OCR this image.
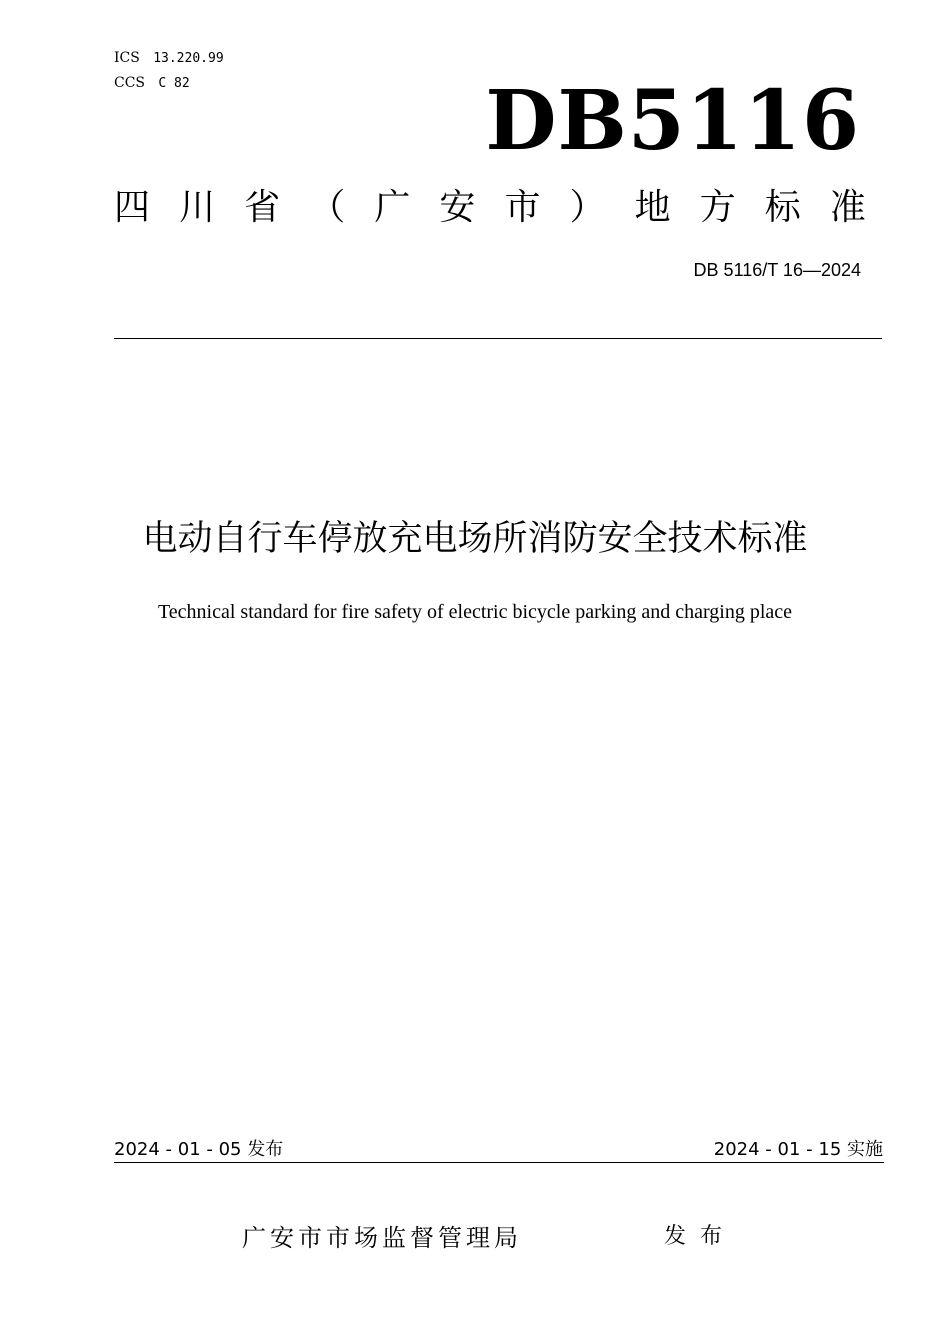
ICS 13.220.99
CCS C 82	DB5116
四 川 省 （ 广 安 市 ） 地 方 标 准
DB 5116/T 16—2024
电动自行车停放充电场所消防安全技术标准
Technical standard for fire safety of electric bicycle parking and charging place
2024 - 01 - 05 发布	2024 - 01 - 15 实施
广安市市场监督管理局	发布
